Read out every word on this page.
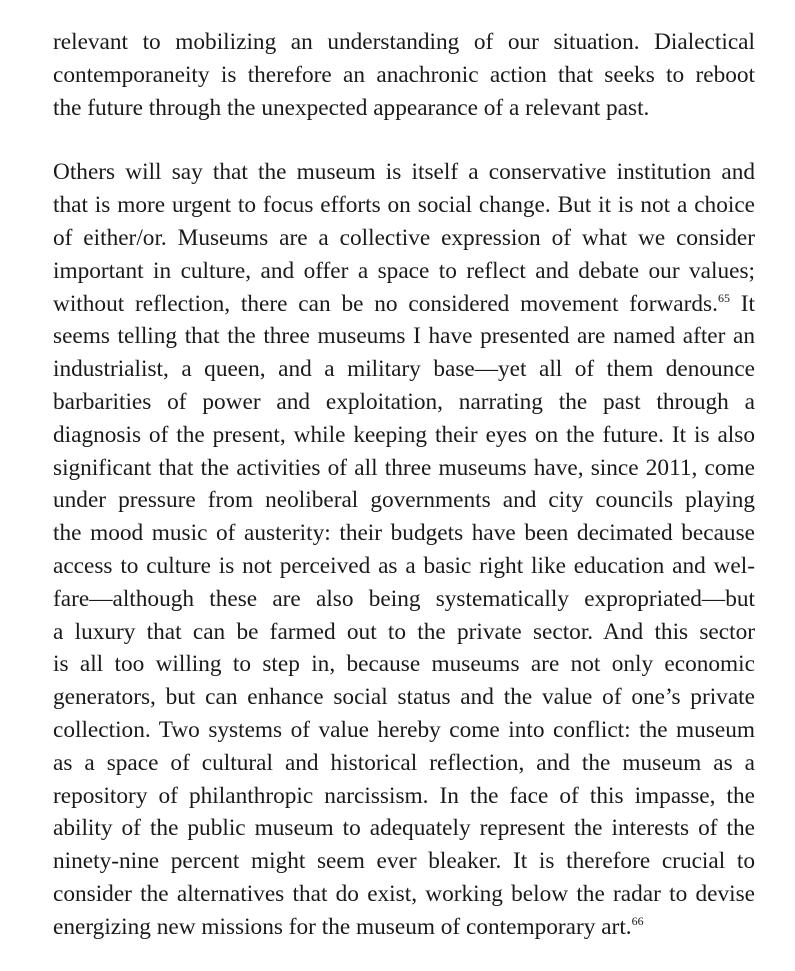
relevant to mobilizing an understanding of our situation. Dialectical
contemporaneity is therefore an anachronic action that seeks to reboot
the future through the unexpected appearance of a relevant past.
Others will say that the museum is itself a conservative institution and
that is more urgent to focus efforts on social change. But it is not a choice
of either/or. Museums are a collective expression of what we consider
important in culture, and offer a space to reflect and debate our values;
without reflection, there can be no considered movement forwards.$^{65}$ It
seems telling that the three museums I have presented are named after an
industrialist, a queen, and a military base—yet all of them denounce
barbarities of power and exploitation, narrating the past through a
diagnosis of the present, while keeping their eyes on the future. It is also
significant that the activities of all three museums have, since 2011, come
under pressure from neoliberal governments and city councils playing
the mood music of austerity: their budgets have been decimated because
access to culture is not perceived as a basic right like education and wel-
fare—although these are also being systematically expropriated—but
a luxury that can be farmed out to the private sector. And this sector
is all too willing to step in, because museums are not only economic
generators, but can enhance social status and the value of one’s private
collection. Two systems of value hereby come into conflict: the museum
as a space of cultural and historical reflection, and the museum as a
repository of philanthropic narcissism. In the face of this impasse, the
ability of the public museum to adequately represent the interests of the
ninety-nine percent might seem ever bleaker. It is therefore crucial to
consider the alternatives that do exist, working below the radar to devise
energizing new missions for the museum of contemporary art.$^{66}$
